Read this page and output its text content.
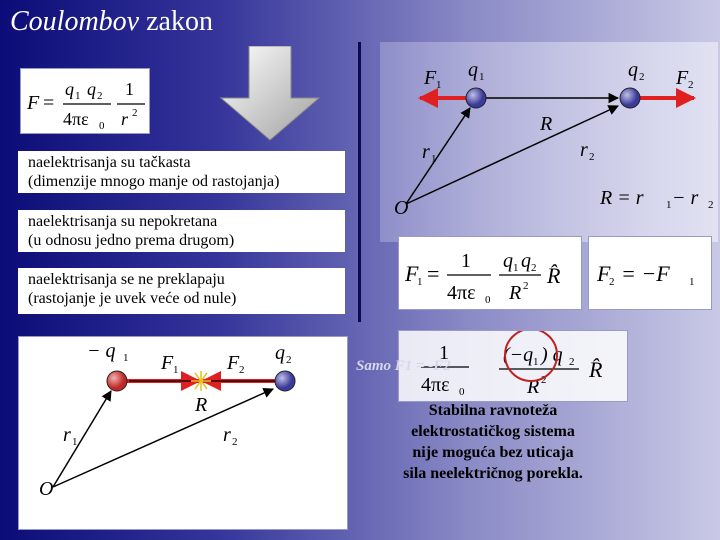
Coulombov zakon
F =
q 1 q 2
4πε 0
1
r 2
naelektrisanja su tačkasta
(dimenzije mnogo manje od rastojanja)
naelektrisanja su nepokretana
(u odnosu jedno prema drugom)
naelektrisanja se ne preklapaju
(rastojanje je uvek veće od nule)
F 1
q 1	q 2 F 2
R
r 1	r 2
O	R = r 1 − r 2
F
1 = 1
4πε 0
q 1 q 2
R 2 R̂ F
2 = −F 1
− q 1 F 1 F 2
q 2
R
r 1	r 2
O
1
4πε 0
(−q 1 ) q 2
R 2 R̂
Samo F1 = -F2
Stabilna ravnoteža
elektrostatičkog sistema
nije moguća bez uticaja
sila neelektričnog porekla.
